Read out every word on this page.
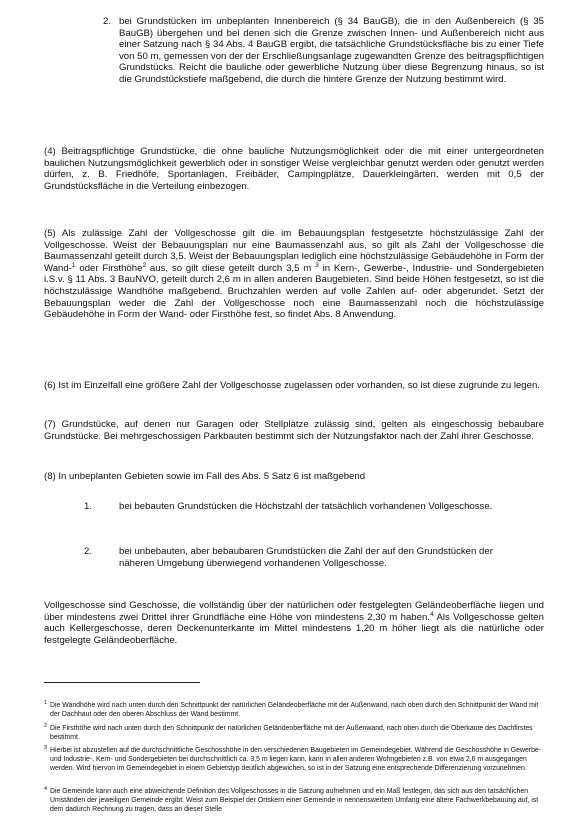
2. bei Grundstücken im unbeplanten Innenbereich (§ 34 BauGB), die in den Außenbereich (§ 35 BauGB) übergehen und bei denen sich die Grenze zwischen Innen- und Außenbereich nicht aus einer Satzung nach § 34 Abs. 4 BauGB ergibt, die tatsächliche Grundstücksfläche bis zu einer Tiefe von 50 m, gemessen von der der Erschließungsanlage zugewandten Grenze des beitragspflichtigen Grundstücks. Reicht die bauliche oder gewerbliche Nutzung über diese Begrenzung hinaus, so ist die Grundstückstiefe maßgebend, die durch die hintere Grenze der Nutzung bestimmt wird.

(4) Beitragspflichtige Grundstücke, die ohne bauliche Nutzungsmöglichkeit oder die mit einer untergeordneten baulichen Nutzungsmöglichkeit gewerblich oder in sonstiger Weise vergleichbar genutzt werden oder genutzt werden dürfen, z. B. Friedhöfe, Sportanlagen, Freibäder, Campingplätze, Dauerkleingärten, werden mit 0,5 der Grundstücksfläche in die Verteilung einbezogen.

(5) Als zulässige Zahl der Vollgeschosse gilt die im Bebauungsplan festgesetzte höchstzulässige Zahl der Vollgeschosse. Weist der Bebauungsplan nur eine Baumassenzahl aus, so gilt als Zahl der Vollgeschosse die Baumassenzahl geteilt durch 3,5. Weist der Bebauungsplan lediglich eine höchstzulässige Gebäudehöhe in Form der Wand-$^1$ oder Firsthöhe$^2$ aus, so gilt diese geteilt durch 3,5 m $^3$ in Kern-, Gewerbe-, Industrie- und Sondergebieten i.S.v. § 11 Abs. 3 BauNVO, geteilt durch 2,6 m in allen anderen Baugebieten. Sind beide Höhen festgesetzt, so ist die höchstzulässige Wandhöhe maßgebend. Bruchzahlen werden auf volle Zahlen auf- oder abgerundet. Setzt der Bebauungsplan weder die Zahl der Vollgeschosse noch eine Baumassenzahl noch die höchstzulässige Gebäudehöhe in Form der Wand- oder Firsthöhe fest, so findet Abs. 8 Anwendung.

(6) Ist im Einzelfall eine größere Zahl der Vollgeschosse zugelassen oder vorhanden, so ist diese zugrunde zu legen.

(7) Grundstücke, auf denen nur Garagen oder Stellplätze zulässig sind, gelten als eingeschossig bebaubare Grundstücke. Bei mehrgeschossigen Parkbauten bestimmt sich der Nutzungsfaktor nach der Zahl ihrer Geschosse.

(8) In unbeplanten Gebieten sowie im Fall des Abs. 5 Satz 6 ist maßgebend

1.	bei bebauten Grundstücken die Höchstzahl der tatsächlich vorhandenen Vollgeschosse.
2.	bei unbebauten, aber bebaubaren Grundstücken die Zahl der auf den Grundstücken der näheren Umgebung überwiegend vorhandenen Vollgeschosse.

Vollgeschosse sind Geschosse, die vollständig über der natürlichen oder festgelegten Geländeoberfläche liegen und über mindestens zwei Drittel ihrer Grundfläche eine Höhe von mindestens 2,30 m haben.$^4$ Als Vollgeschosse gelten auch Kellergeschosse, deren Deckenunterkante im Mittel mindestens 1,20 m höher liegt als die natürliche oder festgelegte Geländeoberfläche.

1 Die Wandhöhe wird nach unten durch den Schnittpunkt der natürlichen Geländeoberfläche mit der Außenwand, nach oben durch den Schnittpunkt der Wand mit der Dachhaut oder den oberen Abschluss der Wand bestimmt.
2 Die Firsthöhe wird nach unten durch den Schnittpunkt der natürlichen Geländeoberfläche mit der Außenwand, nach oben durch die Oberkante des Dachfirstes bestimmt.
3 Hierbei ist abzustellen auf die durchschnittliche Geschosshöhe in den verschiedenen Baugebieten im Gemeindegebiet. Während die Geschosshöhe in Gewerbe- und Industrie-, Kern- und Sondergebieten bei durchschnittlich ca. 3,5 m liegen kann, kann in allen anderen Wohngebieten z.B. von etwa 2,6 m ausgegangen werden. Wird hiervon im Gemeindegebiet in einem Gebietstyp deutlich abgewichen, so ist in der Satzung eine entsprechende Differenzierung vorzunehmen.
4 Die Gemeinde kann auch eine abweichende Definition des Vollgeschosses in die Satzung aufnehmen und ein Maß festlegen, das sich aus den tatsächlichen Umständen der jeweiligen Gemeinde ergibt. Weist zum Beispiel der Ortskern einer Gemeinde in nennenswertem Umfang eine ältere Fachwerkbebauung auf, ist dem dadurch Rechnung zu tragen, dass an dieser Stelle
